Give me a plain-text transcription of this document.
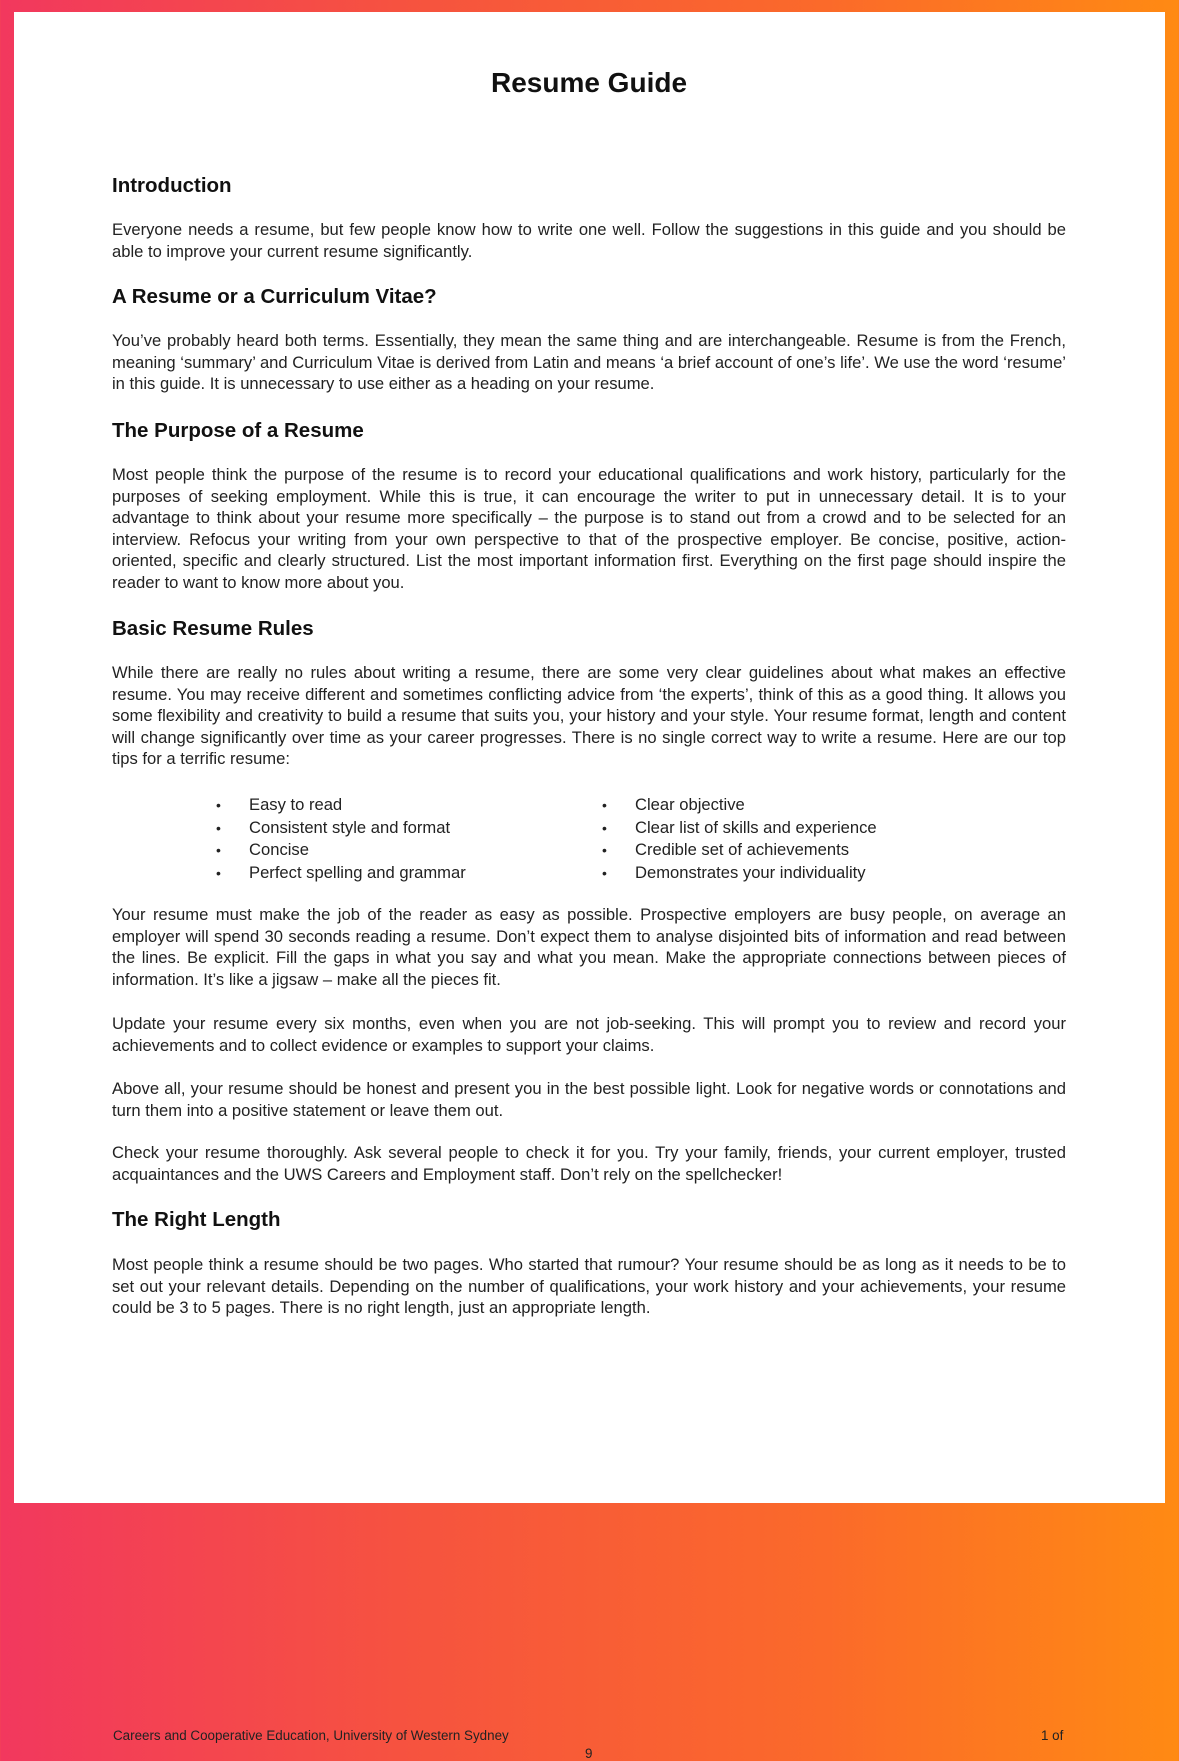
Resume Guide
Introduction

Everyone needs a resume, but few people know how to write one well. Follow the suggestions in this guide and you should be able to improve your current resume significantly.

A Resume or a Curriculum Vitae?

You’ve probably heard both terms. Essentially, they mean the same thing and are interchangeable. Resume is from the French, meaning ‘summary’ and Curriculum Vitae is derived from Latin and means ‘a brief account of one’s life’. We use the word ‘resume’ in this guide. It is unnecessary to use either as a heading on your resume.

The Purpose of a Resume

Most people think the purpose of the resume is to record your educational qualifications and work history, particularly for the purposes of seeking employment. While this is true, it can encourage the writer to put in unnecessary detail. It is to your advantage to think about your resume more specifically – the purpose is to stand out from a crowd and to be selected for an interview. Refocus your writing from your own perspective to that of the prospective employer. Be concise, positive, action-oriented, specific and clearly structured. List the most important information first. Everything on the first page should inspire the reader to want to know more about you.

Basic Resume Rules

While there are really no rules about writing a resume, there are some very clear guidelines about what makes an effective resume. You may receive different and sometimes conflicting advice from ‘the experts’, think of this as a good thing. It allows you some flexibility and creativity to build a resume that suits you, your history and your style. Your resume format, length and content will change significantly over time as your career progresses. There is no single correct way to write a resume. Here are our top tips for a terrific resume:

• Easy to read
• Consistent style and format
• Concise
• Perfect spelling and grammar
• Clear objective
• Clear list of skills and experience
• Credible set of achievements
• Demonstrates your individuality

Your resume must make the job of the reader as easy as possible. Prospective employers are busy people, on average an employer will spend 30 seconds reading a resume. Don’t expect them to analyse disjointed bits of information and read between the lines. Be explicit. Fill the gaps in what you say and what you mean. Make the appropriate connections between pieces of information. It’s like a jigsaw – make all the pieces fit.

Update your resume every six months, even when you are not job-seeking. This will prompt you to review and record your achievements and to collect evidence or examples to support your claims.

Above all, your resume should be honest and present you in the best possible light. Look for negative words or connotations and turn them into a positive statement or leave them out.

Check your resume thoroughly. Ask several people to check it for you. Try your family, friends, your current employer, trusted acquaintances and the UWS Careers and Employment staff. Don’t rely on the spellchecker!

The Right Length

Most people think a resume should be two pages. Who started that rumour? Your resume should be as long as it needs to be to set out your relevant details. Depending on the number of qualifications, your work history and your achievements, your resume could be 3 to 5 pages. There is no right length, just an appropriate length.

Careers and Cooperative Education, University of Western Sydney	1 of
9
